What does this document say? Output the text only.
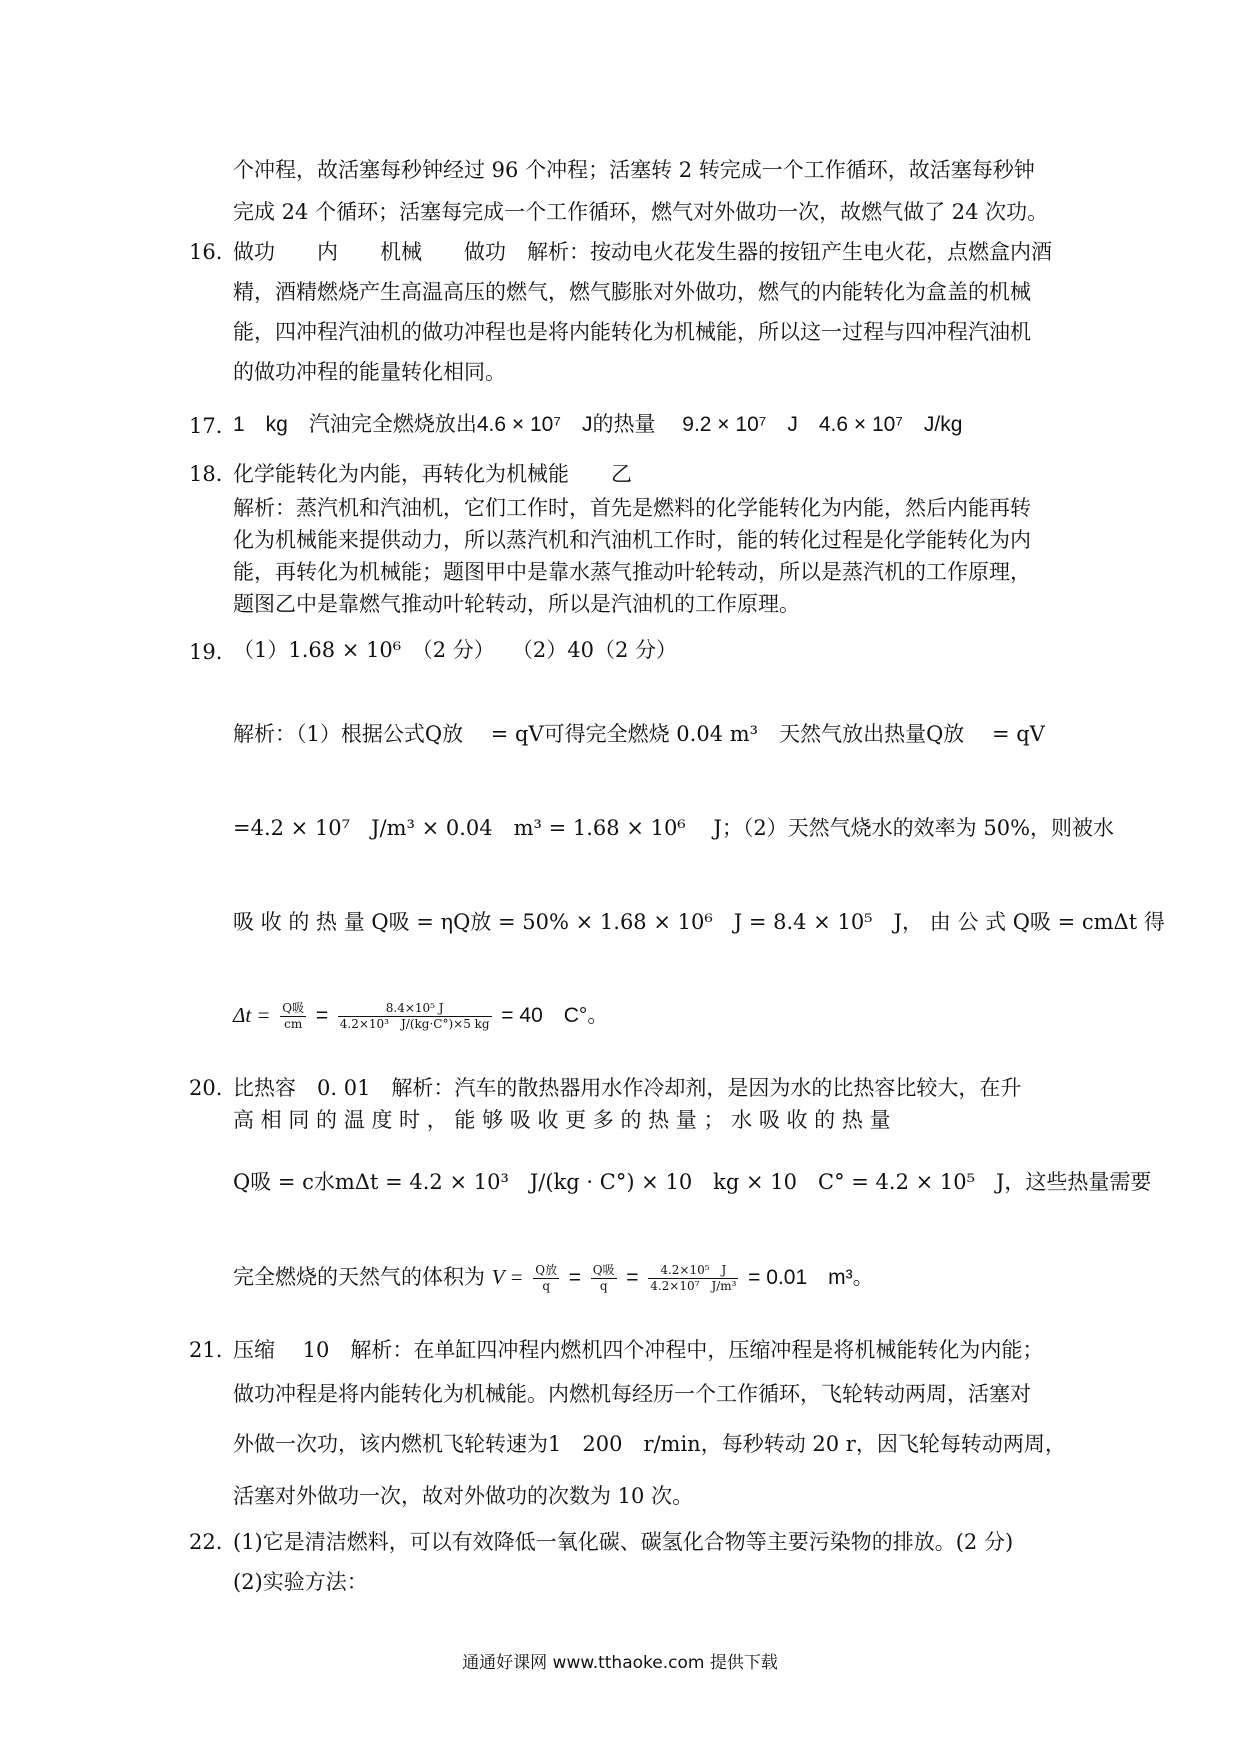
个冲程，故活塞每秒钟经过 96 个冲程；活塞转 2 转完成一个工作循环，故活塞每秒钟
完成 24 个循环；活塞每完成一个工作循环，燃气对外做功一次，故燃气做了 24 次功。
16. 做功　　内　　机械　　做功　解析：按动电火花发生器的按钮产生电火花，点燃盒内酒
精，酒精燃烧产生高温高压的燃气，燃气膨胀对外做功，燃气的内能转化为盒盖的机械
能，四冲程汽油机的做功冲程也是将内能转化为机械能，所以这一过程与四冲程汽油机
的做功冲程的能量转化相同。
17. 1　kg　汽油完全燃烧放出4.6 × 10⁷　J的热量　 9.2 × 10⁷　J　4.6 × 10⁷　J/kg
18. 化学能转化为内能，再转化为机械能　　乙
解析：蒸汽机和汽油机，它们工作时，首先是燃料的化学能转化为内能，然后内能再转
化为机械能来提供动力，所以蒸汽机和汽油机工作时，能的转化过程是化学能转化为内
能，再转化为机械能；题图甲中是靠水蒸气推动叶轮转动，所以是蒸汽机的工作原理，
题图乙中是靠燃气推动叶轮转动，所以是汽油机的工作原理。
19. （1）1.68 × 10⁶　（2 分）　 （2）40（2 分）
解析：（1）根据公式Q放　 = qV可得完全燃烧 0.04 m³　天然气放出热量Q放　 = qV
=4.2 × 10⁷　J/m³ × 0.04　m³ = 1.68 × 10⁶　 J；（2）天然气烧水的效率为 50%，则被水
吸 收 的 热 量 Q吸 = ηQ放 = 50% × 1.68 × 10⁶　J = 8.4 × 10⁵　J， 由 公 式 Q吸 = cmΔt 得
$\Delta t = \frac{\text{Q吸}}{cm} = \frac{\text{8.4×10⁵ J}}{\text{4.2×10³　J/(kg·C°)×5 kg}} = 40$　C°。
20. 比热容　0. 01　解析：汽车的散热器用水作冷却剂，是因为水的比热容比较大，在升
高 相 同 的 温 度 时 ， 能 够 吸 收 更 多 的 热 量 ； 水 吸 收 的 热 量
Q吸 = c水mΔt = 4.2 × 10³　J/(kg · C°) × 10　kg × 10　C° = 4.2 × 10⁵　J，这些热量需要
完全燃烧的天然气的体积为 $V = \frac{\text{Q放}}{q} = \frac{\text{Q吸}}{q} = \frac{\text{4.2×10⁵　J}}{\text{4.2×10⁷　J/m³}} = 0.01$　m³。
21. 压缩　 10　解析：在单缸四冲程内燃机四个冲程中，压缩冲程是将机械能转化为内能；
做功冲程是将内能转化为机械能。内燃机每经历一个工作循环，飞轮转动两周，活塞对
外做一次功，该内燃机飞轮转速为1　200　r/min，每秒转动 20 r，因飞轮每转动两周，
活塞对外做功一次，故对外做功的次数为 10 次。
22. (1)它是清洁燃料，可以有效降低一氧化碳、碳氢化合物等主要污染物的排放。(2 分)
(2)实验方法：
通通好课网 www.tthaoke.com 提供下载
